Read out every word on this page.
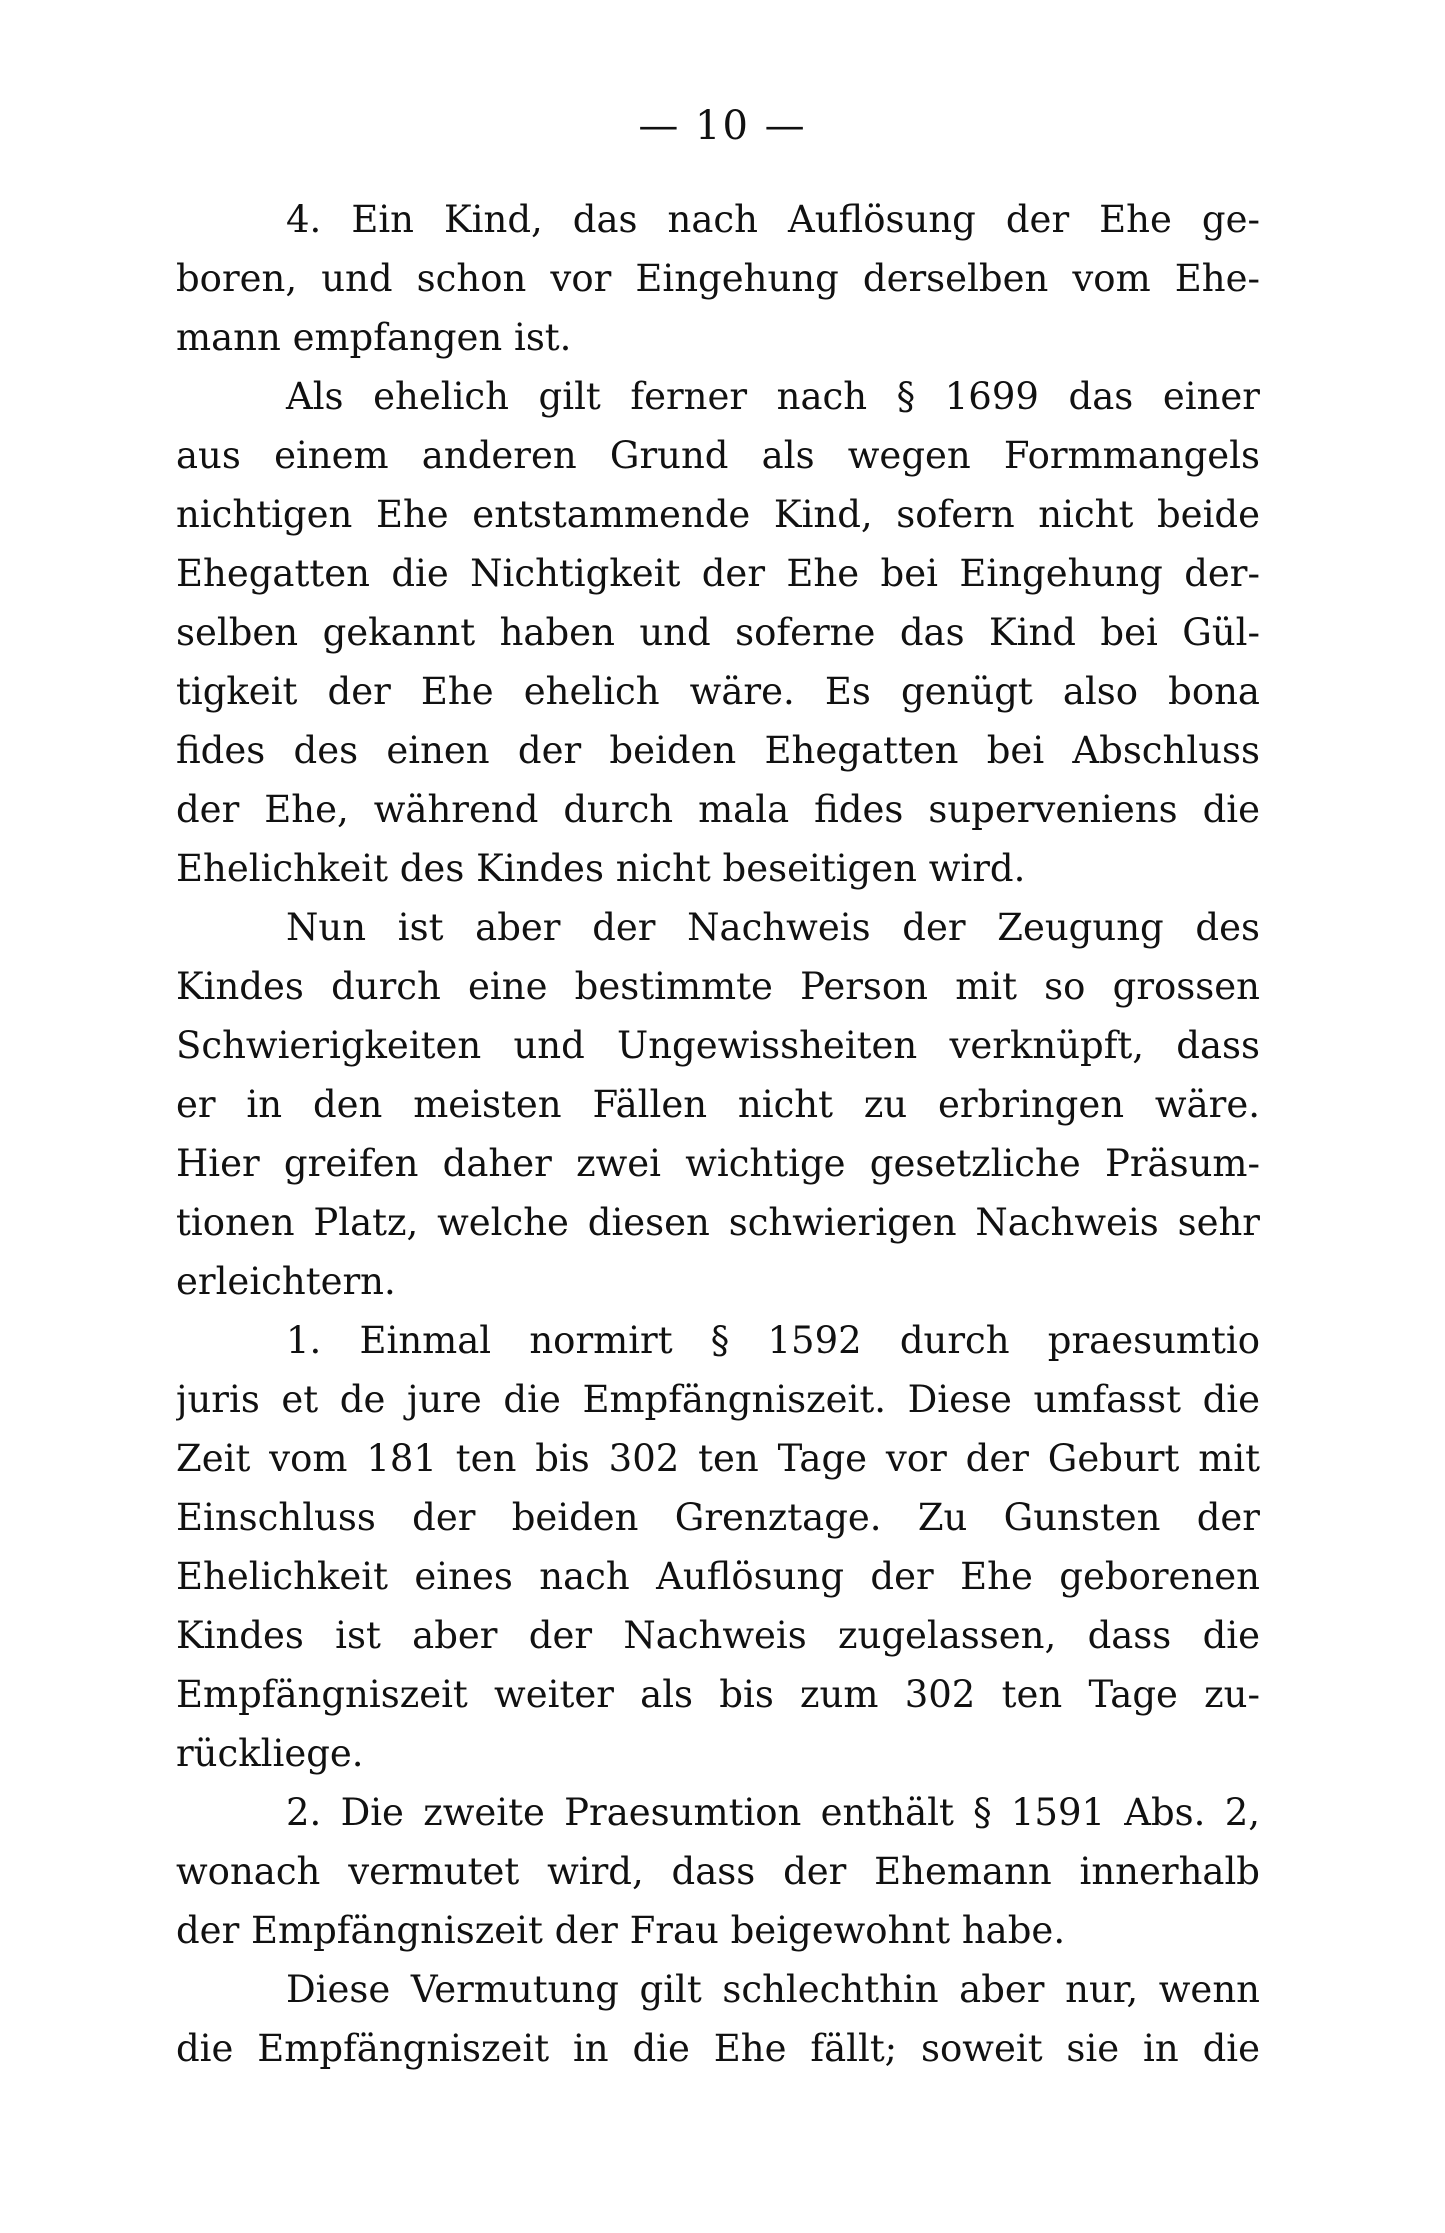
— 10 —
4. Ein Kind, das nach Auflösung der Ehe ge-
boren, und schon vor Eingehung derselben vom Ehe-
mann empfangen ist.
Als ehelich gilt ferner nach § 1699 das einer
aus einem anderen Grund als wegen Formmangels
nichtigen Ehe entstammende Kind, sofern nicht beide
Ehegatten die Nichtigkeit der Ehe bei Eingehung der-
selben gekannt haben und soferne das Kind bei Gül-
tigkeit der Ehe ehelich wäre. Es genügt also bona
fides des einen der beiden Ehegatten bei Abschluss
der Ehe, während durch mala fides superveniens die
Ehelichkeit des Kindes nicht beseitigen wird.
Nun ist aber der Nachweis der Zeugung des
Kindes durch eine bestimmte Person mit so grossen
Schwierigkeiten und Ungewissheiten verknüpft, dass
er in den meisten Fällen nicht zu erbringen wäre.
Hier greifen daher zwei wichtige gesetzliche Präsum-
tionen Platz, welche diesen schwierigen Nachweis sehr
erleichtern.
1. Einmal normirt § 1592 durch praesumtio
juris et de jure die Empfängniszeit. Diese umfasst die
Zeit vom 181 ten bis 302 ten Tage vor der Geburt mit
Einschluss der beiden Grenztage. Zu Gunsten der
Ehelichkeit eines nach Auflösung der Ehe geborenen
Kindes ist aber der Nachweis zugelassen, dass die
Empfängniszeit weiter als bis zum 302 ten Tage zu-
rückliege.
2. Die zweite Praesumtion enthält § 1591 Abs. 2,
wonach vermutet wird, dass der Ehemann innerhalb
der Empfängniszeit der Frau beigewohnt habe.
Diese Vermutung gilt schlechthin aber nur, wenn
die Empfängniszeit in die Ehe fällt; soweit sie in die
